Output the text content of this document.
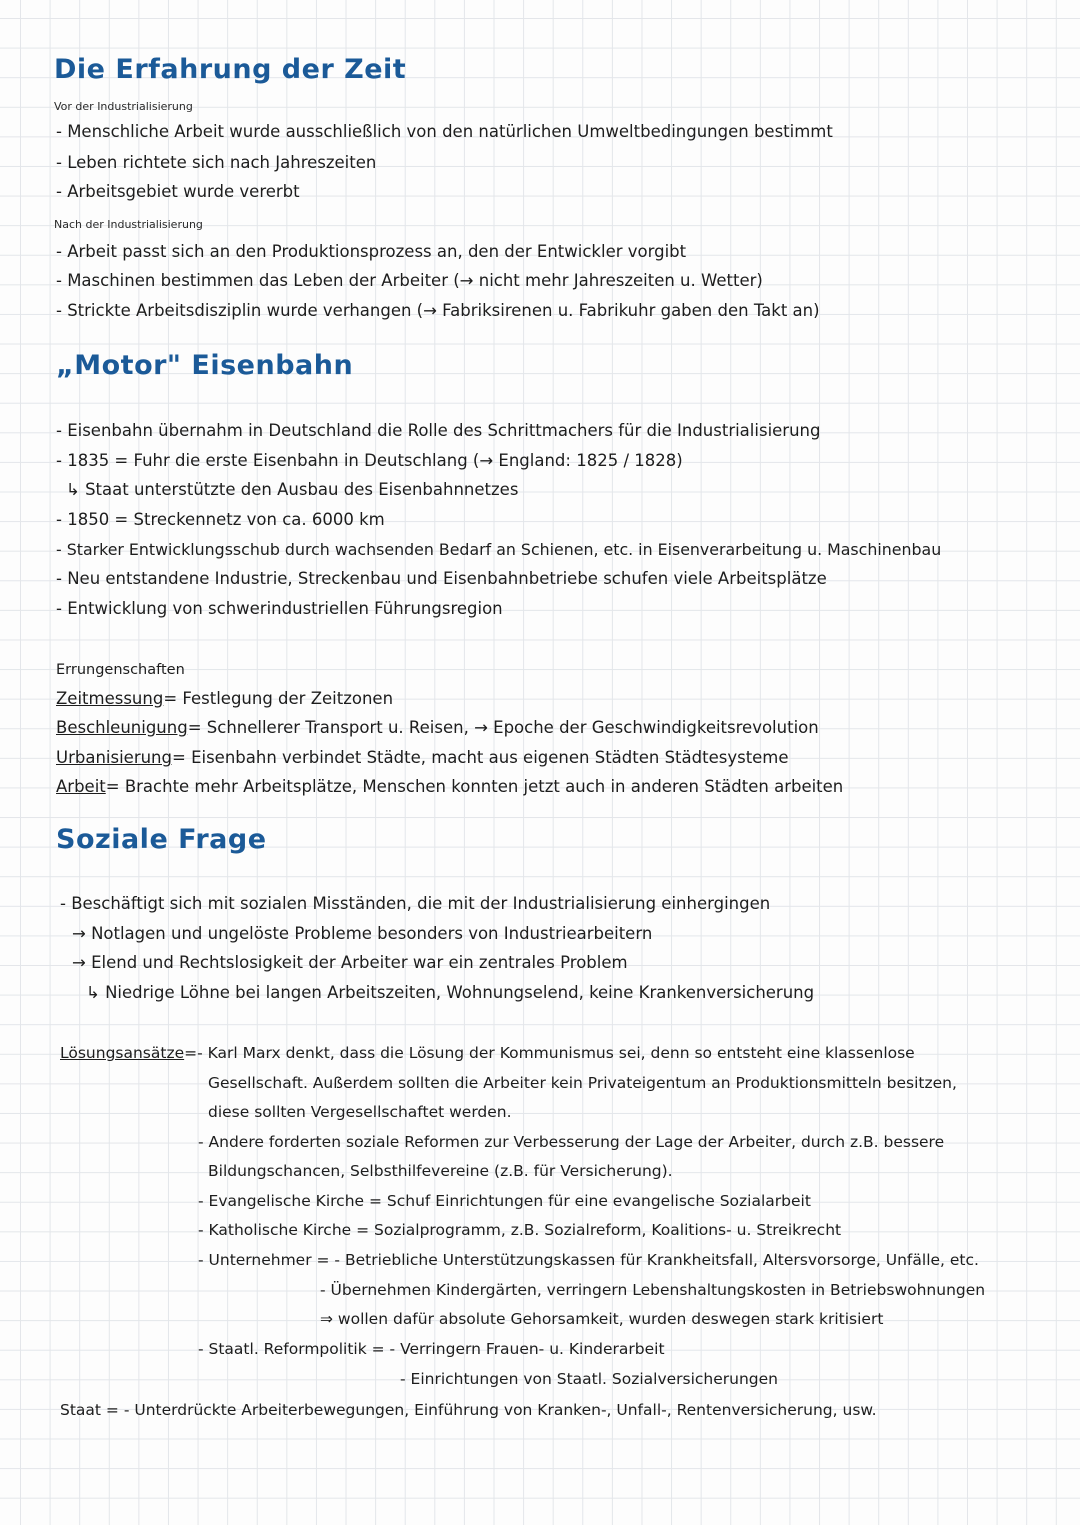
Die Erfahrung der Zeit
Vor der Industrialisierung
- Menschliche Arbeit wurde ausschließlich von den natürlichen Umweltbedingungen bestimmt
- Leben richtete sich nach Jahreszeiten
- Arbeitsgebiet wurde vererbt
Nach der Industrialisierung
- Arbeit passt sich an den Produktionsprozess an, den der Entwickler vorgibt
- Maschinen bestimmen das Leben der Arbeiter (→ nicht mehr Jahreszeiten u. Wetter)
- Strickte Arbeitsdisziplin wurde verhangen (→ Fabriksirenen u. Fabrikuhr gaben den Takt an)
„Motor" Eisenbahn
- Eisenbahn übernahm in Deutschland die Rolle des Schrittmachers für die Industrialisierung
- 1835 = Fuhr die erste Eisenbahn in Deutschlang (→ England: 1825 / 1828)
↳ Staat unterstützte den Ausbau des Eisenbahnnetzes
- 1850 = Streckennetz von ca. 6000 km
- Starker Entwicklungsschub durch wachsenden Bedarf an Schienen, etc. in Eisenverarbeitung u. Maschinenbau
- Neu entstandene Industrie, Streckenbau und Eisenbahnbetriebe schufen viele Arbeitsplätze
- Entwicklung von schwerindustriellen Führungsregion
Errungenschaften
Zeitmessung= Festlegung der Zeitzonen
Beschleunigung= Schnellerer Transport u. Reisen, → Epoche der Geschwindigkeitsrevolution
Urbanisierung= Eisenbahn verbindet Städte, macht aus eigenen Städten Städtesysteme
Arbeit= Brachte mehr Arbeitsplätze, Menschen konnten jetzt auch in anderen Städten arbeiten
Soziale Frage
- Beschäftigt sich mit sozialen Misständen, die mit der Industrialisierung einhergingen
→ Notlagen und ungelöste Probleme besonders von Industriearbeitern
→ Elend und Rechtslosigkeit der Arbeiter war ein zentrales Problem
↳ Niedrige Löhne bei langen Arbeitszeiten, Wohnungselend, keine Krankenversicherung
Lösungsansätze=- Karl Marx denkt, dass die Lösung der Kommunismus sei, denn so entsteht eine klassenlose
Gesellschaft. Außerdem sollten die Arbeiter kein Privateigentum an Produktionsmitteln besitzen,
diese sollten Vergesellschaftet werden.
- Andere forderten soziale Reformen zur Verbesserung der Lage der Arbeiter, durch z.B. bessere
Bildungschancen, Selbsthilfevereine (z.B. für Versicherung).
- Evangelische Kirche = Schuf Einrichtungen für eine evangelische Sozialarbeit
- Katholische Kirche = Sozialprogramm, z.B. Sozialreform, Koalitions- u. Streikrecht
- Unternehmer = - Betriebliche Unterstützungskassen für Krankheitsfall, Altersvorsorge, Unfälle, etc.
- Übernehmen Kindergärten, verringern Lebenshaltungskosten in Betriebswohnungen
⇒ wollen dafür absolute Gehorsamkeit, wurden deswegen stark kritisiert
- Staatl. Reformpolitik = - Verringern Frauen- u. Kinderarbeit
- Einrichtungen von Staatl. Sozialversicherungen
Staat = - Unterdrückte Arbeiterbewegungen, Einführung von Kranken-, Unfall-, Rentenversicherung, usw.
